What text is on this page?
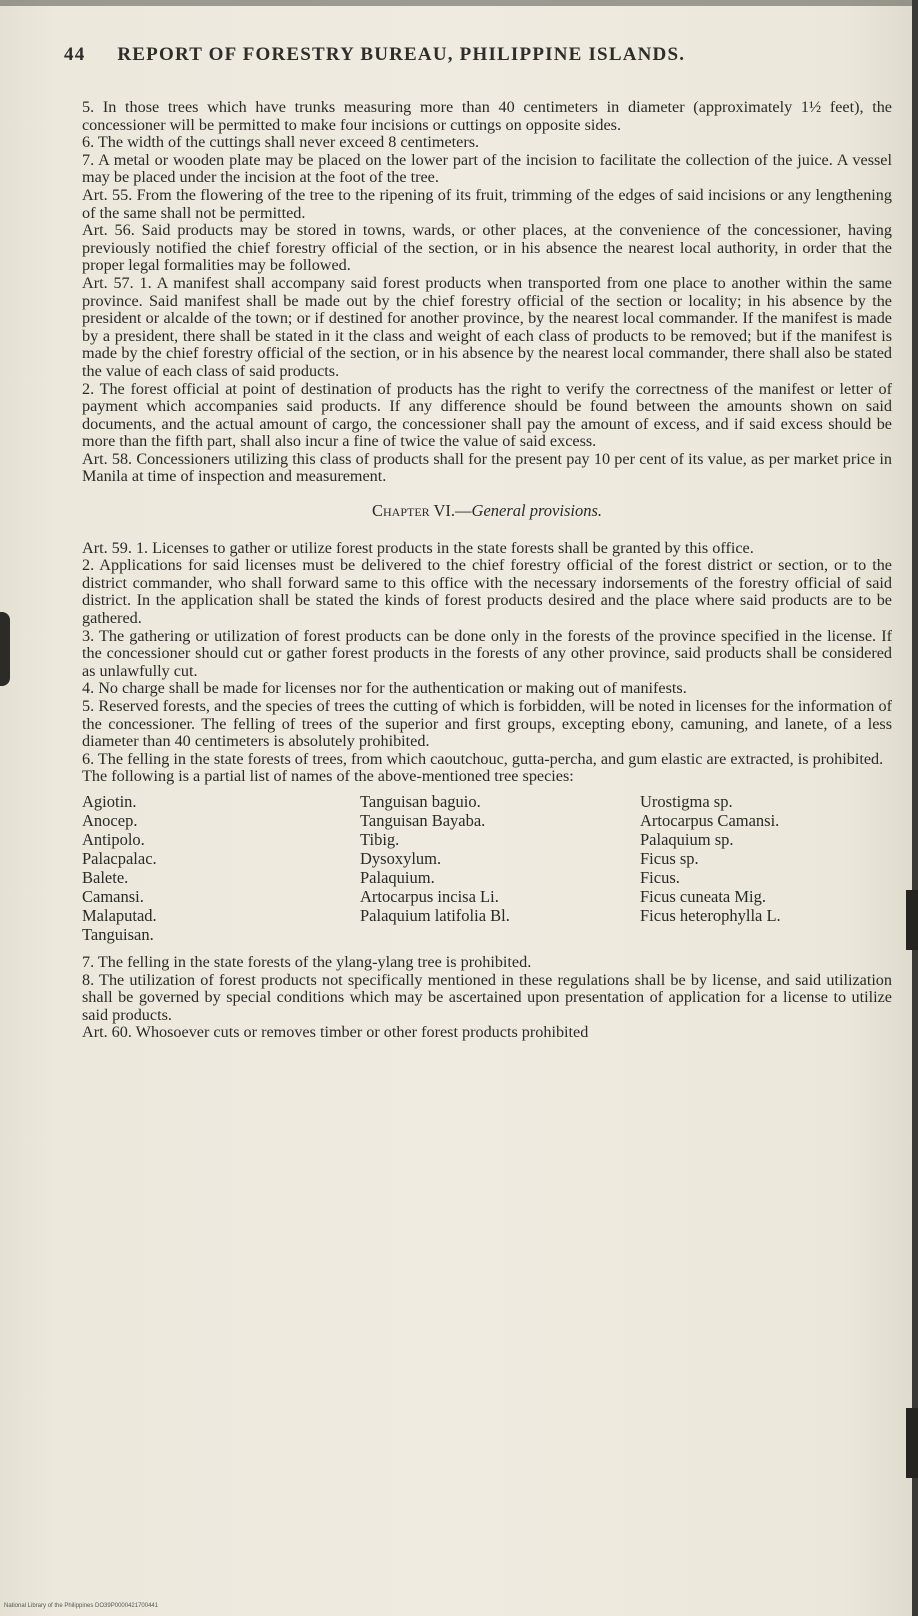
44 REPORT OF FORESTRY BUREAU, PHILIPPINE ISLANDS.

5. In those trees which have trunks measuring more than 40 centimeters in diameter (approximately 1½ feet), the concessioner will be permitted to make four incisions or cuttings on opposite sides.

6. The width of the cuttings shall never exceed 8 centimeters.

7. A metal or wooden plate may be placed on the lower part of the incision to facilitate the collection of the juice. A vessel may be placed under the incision at the foot of the tree.

Art. 55. From the flowering of the tree to the ripening of its fruit, trimming of the edges of said incisions or any lengthening of the same shall not be permitted.

Art. 56. Said products may be stored in towns, wards, or other places, at the convenience of the concessioner, having previously notified the chief forestry official of the section, or in his absence the nearest local authority, in order that the proper legal formalities may be followed.

Art. 57. 1. A manifest shall accompany said forest products when transported from one place to another within the same province. Said manifest shall be made out by the chief forestry official of the section or locality; in his absence by the president or alcalde of the town; or if destined for another province, by the nearest local commander. If the manifest is made by a president, there shall be stated in it the class and weight of each class of products to be removed; but if the manifest is made by the chief forestry official of the section, or in his absence by the nearest local commander, there shall also be stated the value of each class of said products.

2. The forest official at point of destination of products has the right to verify the correctness of the manifest or letter of payment which accompanies said products. If any difference should be found between the amounts shown on said documents, and the actual amount of cargo, the concessioner shall pay the amount of excess, and if said excess should be more than the fifth part, shall also incur a fine of twice the value of said excess.

Art. 58. Concessioners utilizing this class of products shall for the present pay 10 per cent of its value, as per market price in Manila at time of inspection and measurement.

Chapter VI.—General provisions.

Art. 59. 1. Licenses to gather or utilize forest products in the state forests shall be granted by this office.

2. Applications for said licenses must be delivered to the chief forestry official of the forest district or section, or to the district commander, who shall forward same to this office with the necessary indorsements of the forestry official of said district. In the application shall be stated the kinds of forest products desired and the place where said products are to be gathered.

3. The gathering or utilization of forest products can be done only in the forests of the province specified in the license. If the concessioner should cut or gather forest products in the forests of any other province, said products shall be considered as unlawfully cut.

4. No charge shall be made for licenses nor for the authentication or making out of manifests.

5. Reserved forests, and the species of trees the cutting of which is forbidden, will be noted in licenses for the information of the concessioner. The felling of trees of the superior and first groups, excepting ebony, camuning, and lanete, of a less diameter than 40 centimeters is absolutely prohibited.

6. The felling in the state forests of trees, from which caoutchouc, gutta-percha, and gum elastic are extracted, is prohibited.

The following is a partial list of names of the above-mentioned tree species:

Agiotin.
Anocep.
Antipolo.
Palacpalac.
Balete.
Camansi.
Malaputad.
Tanguisan.
Tanguisan baguio.
Tanguisan Bayaba.
Tibig.
Dysoxylum.
Palaquium.
Artocarpus incisa Li.
Palaquium latifolia Bl.
Urostigma sp.
Artocarpus Camansi.
Palaquium sp.
Ficus sp.
Ficus.
Ficus cuneata Mig.
Ficus heterophylla L.

7. The felling in the state forests of the ylang-ylang tree is prohibited.

8. The utilization of forest products not specifically mentioned in these regulations shall be by license, and said utilization shall be governed by special conditions which may be ascertained upon presentation of application for a license to utilize said products.

Art. 60. Whosoever cuts or removes timber or other forest products prohibited

National Library of the Philippines DO39P0000421700441
